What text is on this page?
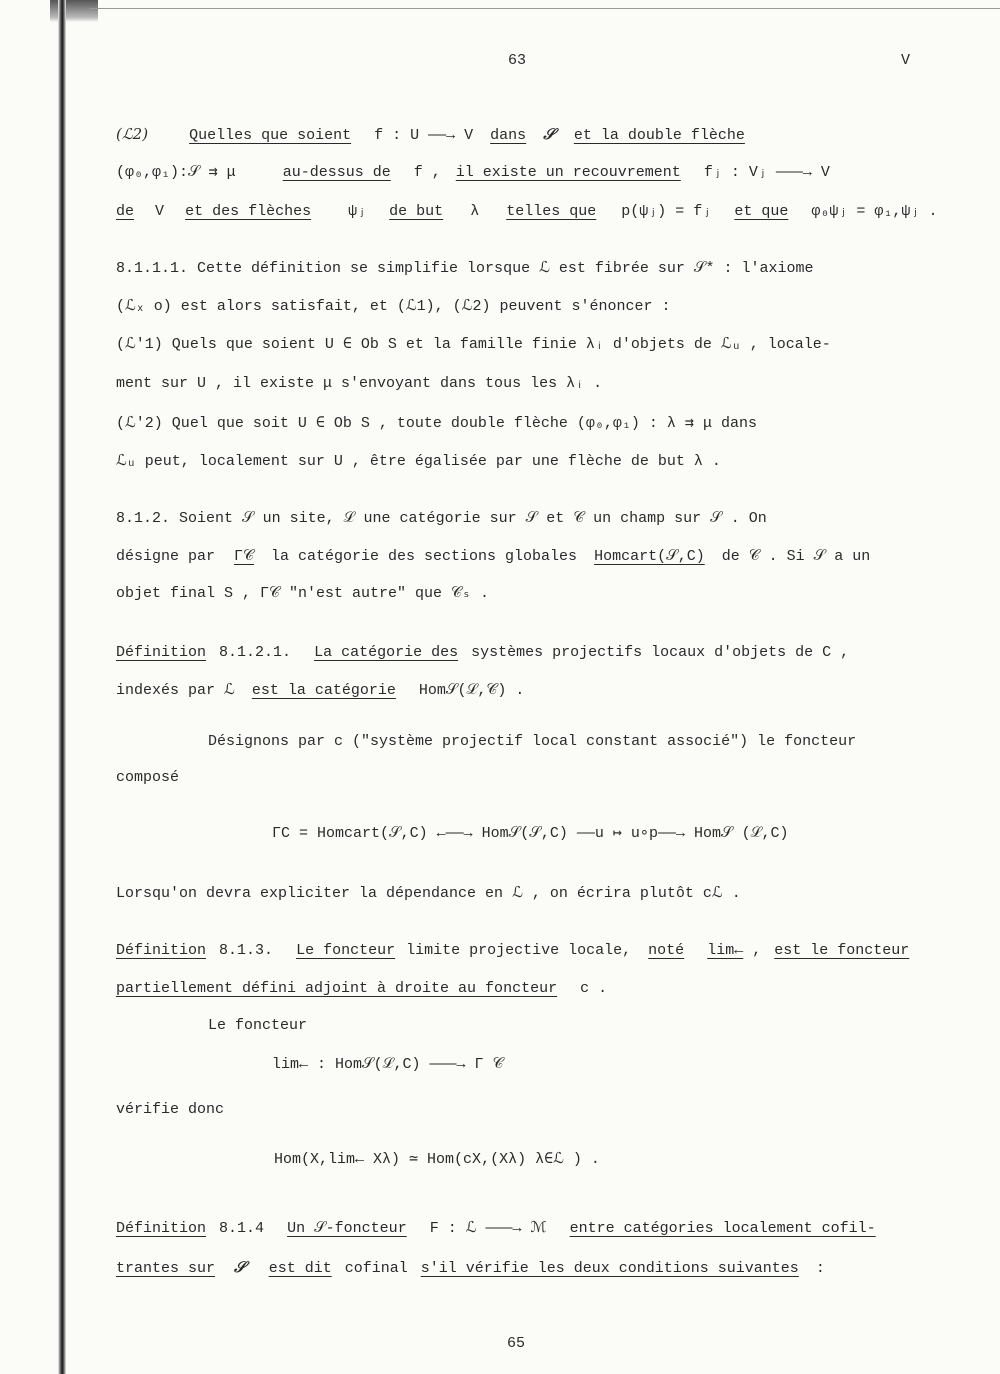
63	V
(ℒ2)	Quelles que soient f : U ——→ V dans 𝒮 et la double flèche
(φ₀,φ₁):𝒮 ⇉ μ	au-dessus de f , il existe un recouvrement fⱼ : Vⱼ ———→ V
de V et des flèches ψⱼ de but λ telles que p(ψⱼ) = fⱼ et que φ₀ψⱼ = φ₁,ψⱼ .
8.1.1.1. Cette définition se simplifie lorsque ℒ est fibrée sur 𝒮* : l'axiome
(ℒₓ o) est alors satisfait, et (ℒ1), (ℒ2) peuvent s'énoncer :
(ℒ'1) Quels que soient U ∈ Ob S et la famille finie λᵢ d'objets de ℒᵤ , locale-
ment sur U , il existe μ s'envoyant dans tous les λᵢ .
(ℒ'2) Quel que soit U ∈ Ob S , toute double flèche (φ₀,φ₁) : λ ⇉ μ dans
ℒᵤ peut, localement sur U , être égalisée par une flèche de but λ .
8.1.2. Soient 𝒮 un site, ℒ une catégorie sur 𝒮 et 𝒞 un champ sur 𝒮 . On
désigne par Γ𝒞 la catégorie des sections globales Homcart(𝒮,C) de 𝒞 . Si 𝒮 a un
objet final S , Γ𝒞 "n'est autre" que 𝒞ₛ .
Définition 8.1.2.1. La catégorie des systèmes projectifs locaux d'objets de C ,
indexés par ℒ est la catégorie Hom𝒮(ℒ,𝒞) .
Désignons par c ("système projectif local constant associé") le foncteur
composé
ΓC = Homcart(𝒮,C) ←——→ Hom𝒮(𝒮,C) ——u ↦ u∘p——→ Hom𝒮 (ℒ,C)
Lorsqu'on devra expliciter la dépendance en ℒ , on écrira plutôt cℒ .
Définition 8.1.3. Le foncteur limite projective locale, noté lim← , est le foncteur
partiellement défini adjoint à droite au foncteur c .
Le foncteur
lim← : Hom𝒮(ℒ,C) ———→ Γ 𝒞
vérifie donc
Hom(X,lim← Xλ) ≃ Hom(cX,(Xλ) λ∈ℒ ) .
Définition 8.1.4 Un 𝒮-foncteur F : ℒ ———→ ℳ entre catégories localement cofil-
trantes sur 𝒮 est dit cofinal s'il vérifie les deux conditions suivantes :
65
